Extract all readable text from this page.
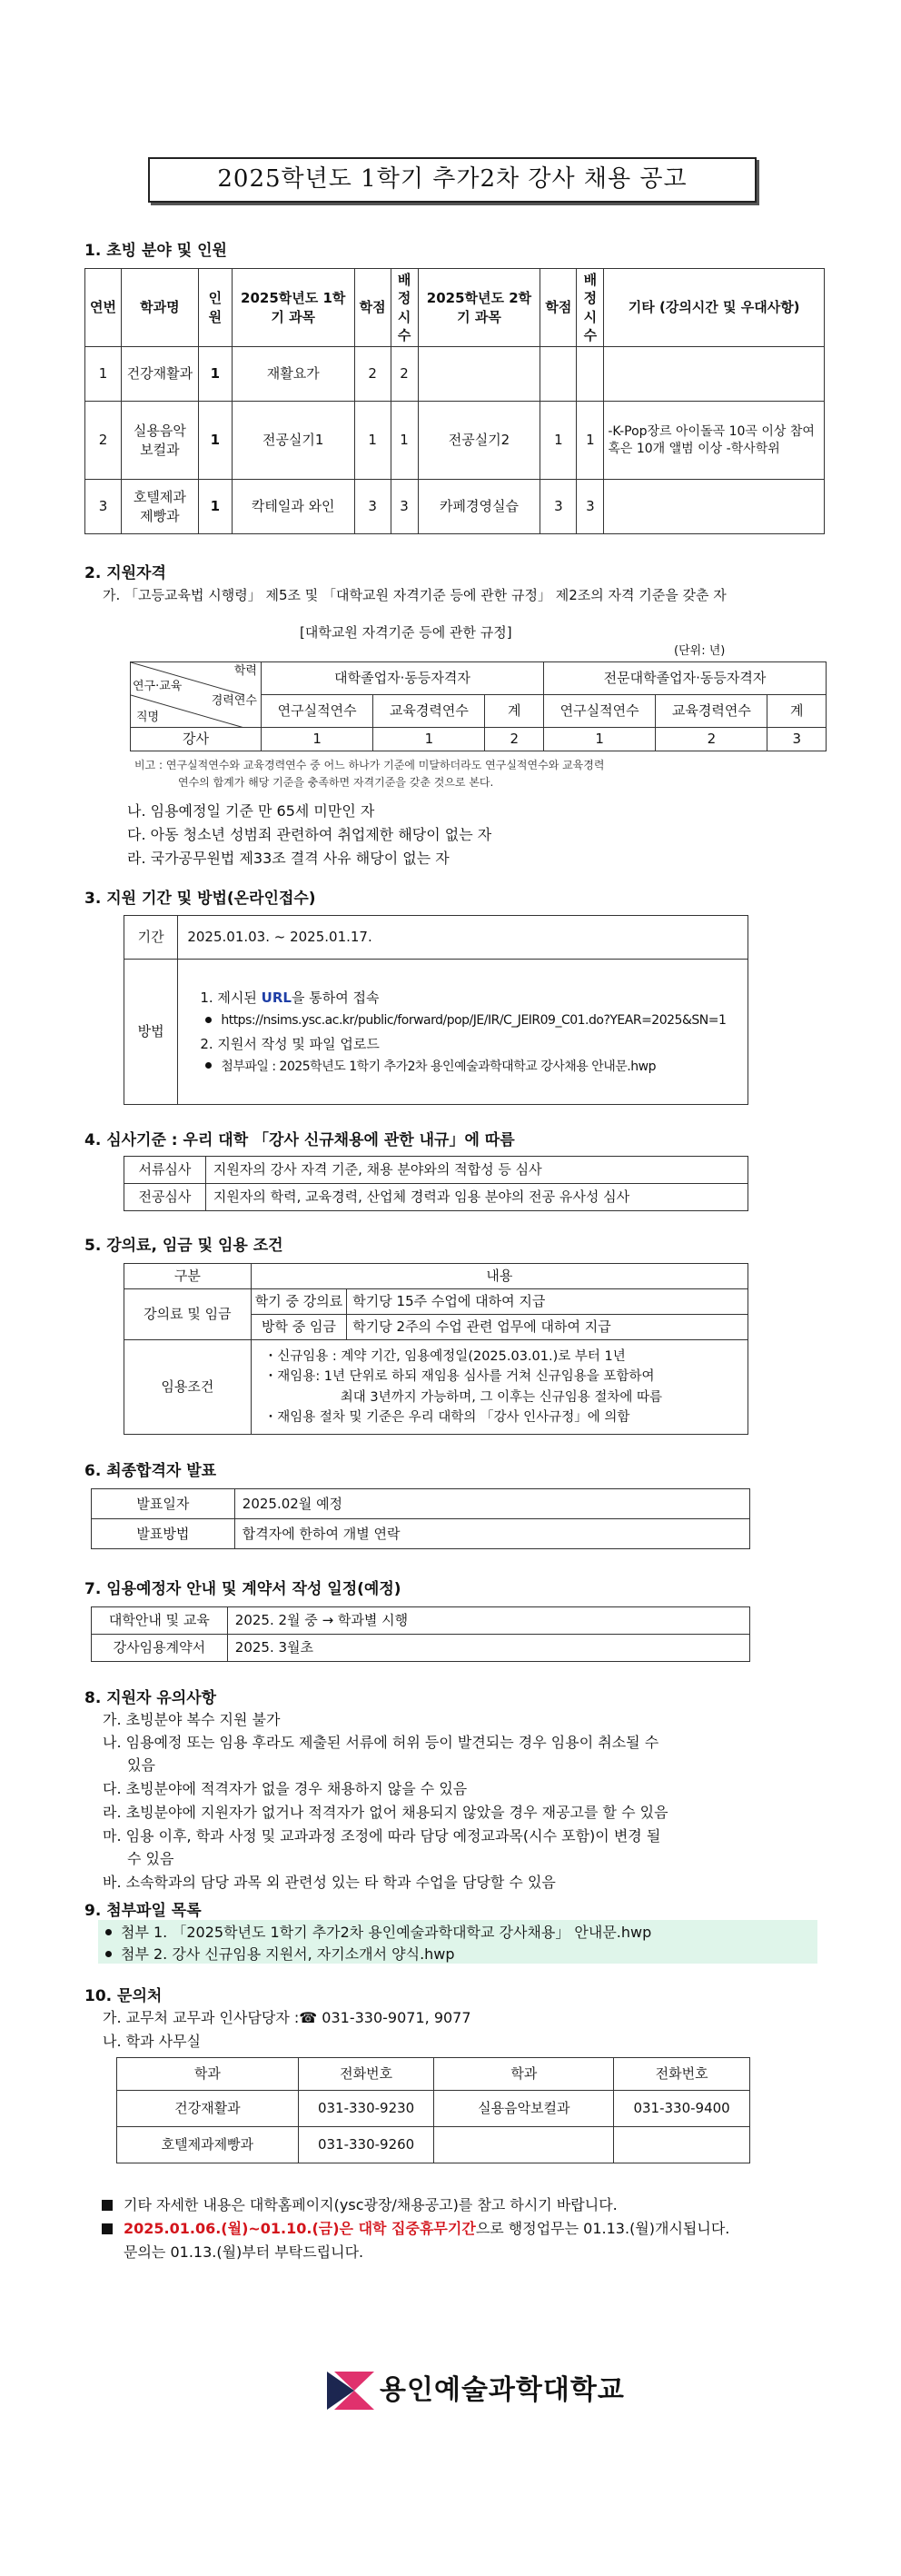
2025학년도 1학기 추가2차 강사 채용 공고
1. 초빙 분야 및 인원
연번	학과명	인원	2025학년도 1학기 과목	학점	배정시수	2025학년도 2학기 과목	학점	배정시수	기타 (강의시간 및 우대사항)
1	건강재활과	1	재활요가	2	2				
2	실용음악 보컬과	1	전공실기1	1	1	전공실기2	1	1	-K-Pop장르 아이돌곡 10곡 이상 참여 혹은 10개 앨범 이상 -학사학위
3	호텔제과 제빵과	1	칵테일과 와인	3	3	카페경영실습	3	3	
2. 지원자격
가. 「고등교육법 시행령」 제5조 및 「대학교원 자격기준 등에 관한 규정」 제2조의 자격 기준을 갖춘 자
[대학교원 자격기준 등에 관한 규정]
(단위: 년)
학력
연구·교육
경력연수
직명	대학졸업자·동등자격자			전문대학졸업자·동등자격자		
	연구실적연수	교육경력연수	계	연구실적연수	교육경력연수	계
강사	1	1	2	1	2	3
비고 : 연구실적연수와 교육경력연수 중 어느 하나가 기준에 미달하더라도 연구실적연수와 교육경력
연수의 합계가 해당 기준을 충족하면 자격기준을 갖춘 것으로 본다.
나. 임용예정일 기준 만 65세 미만인 자
다. 아동 청소년 성범죄 관련하여 취업제한 해당이 없는 자
라. 국가공무원법 제33조 결격 사유 해당이 없는 자
3. 지원 기간 및 방법(온라인접수)
기간	2025.01.03. ~ 2025.01.17.
방법	1. 제시된 URL을 통하여 접속
https://nsims.ysc.ac.kr/public/forward/pop/JE/IR/C_JEIR09_C01.do?YEAR=2025&SN=1
2. 지원서 작성 및 파일 업로드
첨부파일 : 2025학년도 1학기 추가2차 용인예술과학대학교 강사채용 안내문.hwp
4. 심사기준 : 우리 대학 「강사 신규채용에 관한 내규」에 따름
서류심사	지원자의 강사 자격 기준, 채용 분야와의 적합성 등 심사
전공심사	지원자의 학력, 교육경력, 산업체 경력과 임용 분야의 전공 유사성 심사
5. 강의료, 임금 및 임용 조건
구분	내용	
강의료 및 임금	학기 중 강의료	학기당 15주 수업에 대하여 지급
	방학 중 임금	학기당 2주의 수업 관련 업무에 대하여 지급
임용조건	・신규임용 : 계약 기간, 임용예정일(2025.03.01.)로 부터 1년
・재임용: 1년 단위로 하되 재임용 심사를 거쳐 신규임용을 포함하여
최대 3년까지 가능하며, 그 이후는 신규임용 절차에 따름
・재임용 절차 및 기준은 우리 대학의 「강사 인사규정」에 의함	
6. 최종합격자 발표
발표일자	2025.02월 예정
발표방법	합격자에 한하여 개별 연락
7. 임용예정자 안내 및 계약서 작성 일정(예정)
대학안내 및 교육	2025. 2월 중 → 학과별 시행
강사임용계약서	2025. 3월초
8. 지원자 유의사항
가. 초빙분야 복수 지원 불가
나. 임용예정 또는 임용 후라도 제출된 서류에 허위 등이 발견되는 경우 임용이 취소될 수
있음
다. 초빙분야에 적격자가 없을 경우 채용하지 않을 수 있음
라. 초빙분야에 지원자가 없거나 적격자가 없어 채용되지 않았을 경우 재공고를 할 수 있음
마. 임용 이후, 학과 사정 및 교과과정 조정에 따라 담당 예정교과목(시수 포함)이 변경 될
수 있음
바. 소속학과의 담당 과목 외 관련성 있는 타 학과 수업을 담당할 수 있음
9. 첨부파일 목록
첨부 1. 「2025학년도 1학기 추가2차 용인예술과학대학교 강사채용」 안내문.hwp
첨부 2. 강사 신규임용 지원서, 자기소개서 양식.hwp
10. 문의처
가. 교무처 교무과 인사담당자 :☎ 031-330-9071, 9077
나. 학과 사무실
학과	전화번호	학과	전화번호
건강재활과	031-330-9230	실용음악보컬과	031-330-9400
호텔제과제빵과	031-330-9260		
기타 자세한 내용은 대학홈페이지(ysc광장/채용공고)를 참고 하시기 바랍니다.
2025.01.06.(월)~01.10.(금)은 대학 집중휴무기간으로 행정업무는 01.13.(월)개시됩니다.
문의는 01.13.(월)부터 부탁드립니다.
용인예술과학대학교
